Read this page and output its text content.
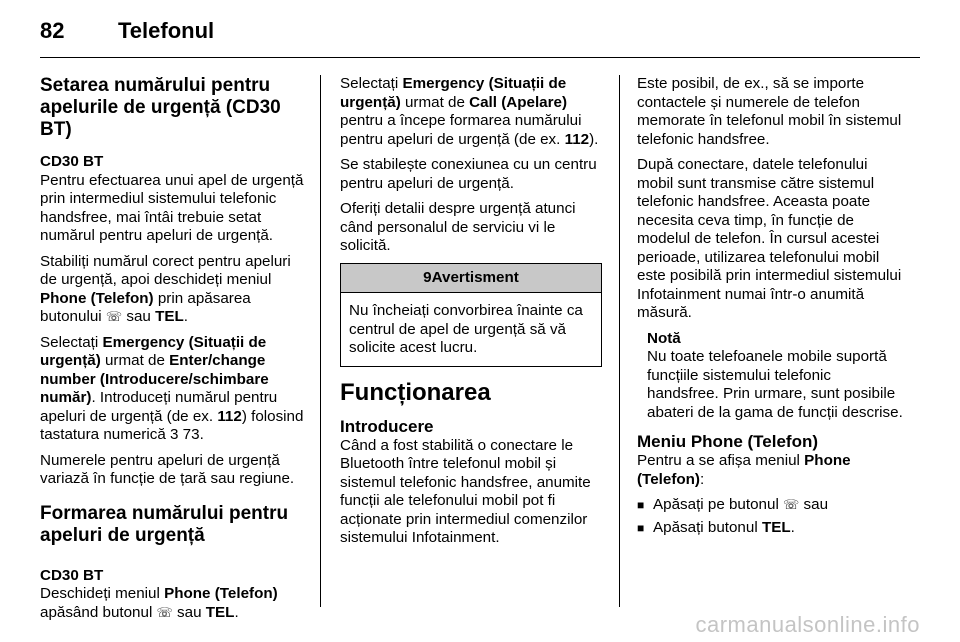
82 Telefonul
Setarea numărului pentru apelurile de urgență (CD30 BT)

CD30 BT

Pentru efectuarea unui apel de urgență prin intermediul sistemului telefonic handsfree, mai întâi trebuie setat numărul pentru apeluri de urgență.

Stabiliți numărul corect pentru apeluri de urgență, apoi deschideți meniul Phone (Telefon) prin apăsarea butonului ☏ sau TEL.

Selectați Emergency (Situații de urgență) urmat de Enter/change number (Introducere/schimbare număr). Introduceți numărul pentru apeluri de urgență (de ex. 112) folosind tastatura numerică 3 73.

Numerele pentru apeluri de urgență variază în funcție de țară sau regiune.

Formarea numărului pentru apeluri de urgență

CD30 BT

Deschideți meniul Phone (Telefon) apăsând butonul ☏ sau TEL.

Selectați Emergency (Situații de urgență) urmat de Call (Apelare) pentru a începe formarea numărului pentru apeluri de urgență (de ex. 112).

Se stabilește conexiunea cu un centru pentru apeluri de urgență.

Oferiți detalii despre urgență atunci când personalul de serviciu vi le solicită.

9Avertisment
Nu încheiați convorbirea înainte ca centrul de apel de urgență să vă solicite acest lucru.
Funcționarea
Introducere

Când a fost stabilită o conectare le Bluetooth între telefonul mobil și sistemul telefonic handsfree, anumite funcții ale telefonului mobil pot fi acționate prin intermediul comenzilor sistemului Infotainment.

Este posibil, de ex., să se importe contactele și numerele de telefon memorate în telefonul mobil în sistemul telefonic handsfree.

După conectare, datele telefonului mobil sunt transmise către sistemul telefonic handsfree. Aceasta poate necesita ceva timp, în funcție de modelul de telefon. În cursul acestei perioade, utilizarea telefonului mobil este posibilă prin intermediul sistemului Infotainment numai într-o anumită măsură.

Notă

Nu toate telefoanele mobile suportă funcțiile sistemului telefonic handsfree. Prin urmare, sunt posibile abateri de la gama de funcții descrise.

Meniu Phone (Telefon)

Pentru a se afișa meniul Phone (Telefon):

■ Apăsați pe butonul ☏ sau

■ Apăsați butonul TEL.

carmanualsonline.info
